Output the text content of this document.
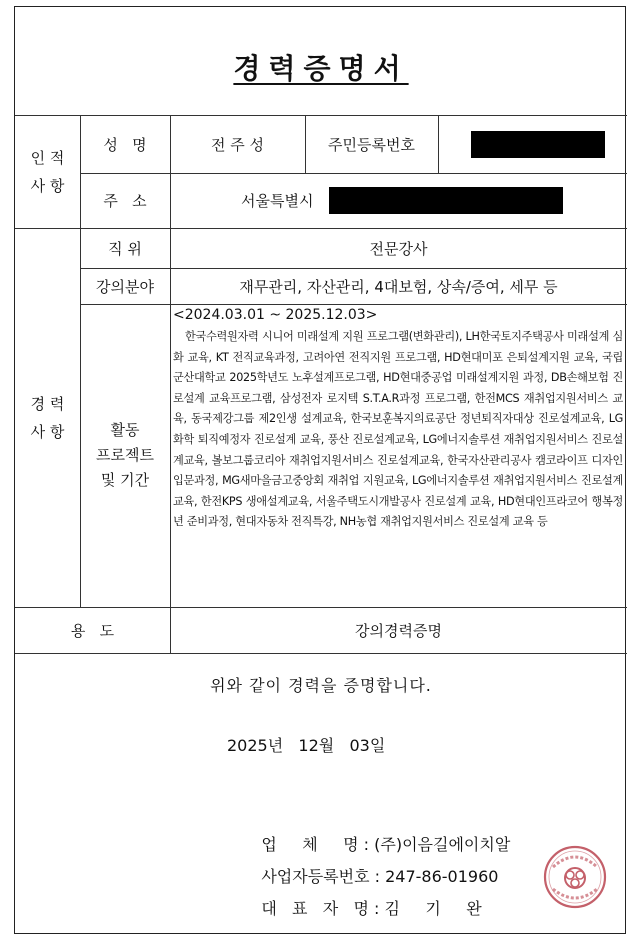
경력증명서
인 적
사 항
성   명	전 주 성	주민등록번호
주   소	서울특별시
경 력
사 항
직 위	전문강사
강의분야	재무관리, 자산관리, 4대보험, 상속/증여, 세무 등
활동
프로젝트
및 기간
<2024.03.01 ~ 2025.12.03>
한국수력원자력 시니어 미래설계 지원 프로그램(변화관리), LH한국토지주택공사 미래설계 심화 교육, KT 전직교육과정, 고려아연 전직지원 프로그램, HD현대미포 은퇴설계지원 교육, 국립군산대학교 2025학년도 노후설계프로그램, HD현대중공업 미래설계지원 과정, DB손해보험 진로설계 교육프로그램, 삼성전자 로지텍 S.T.A.R과정 프로그램, 한전MCS 재취업지원서비스 교육, 동국제강그룹 제2인생 설계교육, 한국보훈복지의료공단 정년퇴직자대상 진로설계교육, LG화학 퇴직예정자 진로설계 교육, 풍산 진로설계교육, LG에너지솔루션 재취업지원서비스 진로설계교육, 볼보그룹코리아 재취업지원서비스 진로설계교육, 한국자산관리공사 캠코라이프 디자인 입문과정, MG새마을금고중앙회 재취업 지원교육, LG에너지솔루션 재취업지원서비스 진로설계교육, 한전KPS 생애설계교육, 서울주택도시개발공사 진로설계 교육, HD현대인프라코어 행복정년 준비과정, 현대자동차 전직특강, NH농협 재취업지원서비스 진로설계 교육 등
용   도	강의경력증명
위와 같이 경력을 증명합니다.
2025년   12월   03일

업     체     명 : (주)이음길에이치알

사업자등록번호 : 247-86-01960

대   표   자   명 : 김     기     완
